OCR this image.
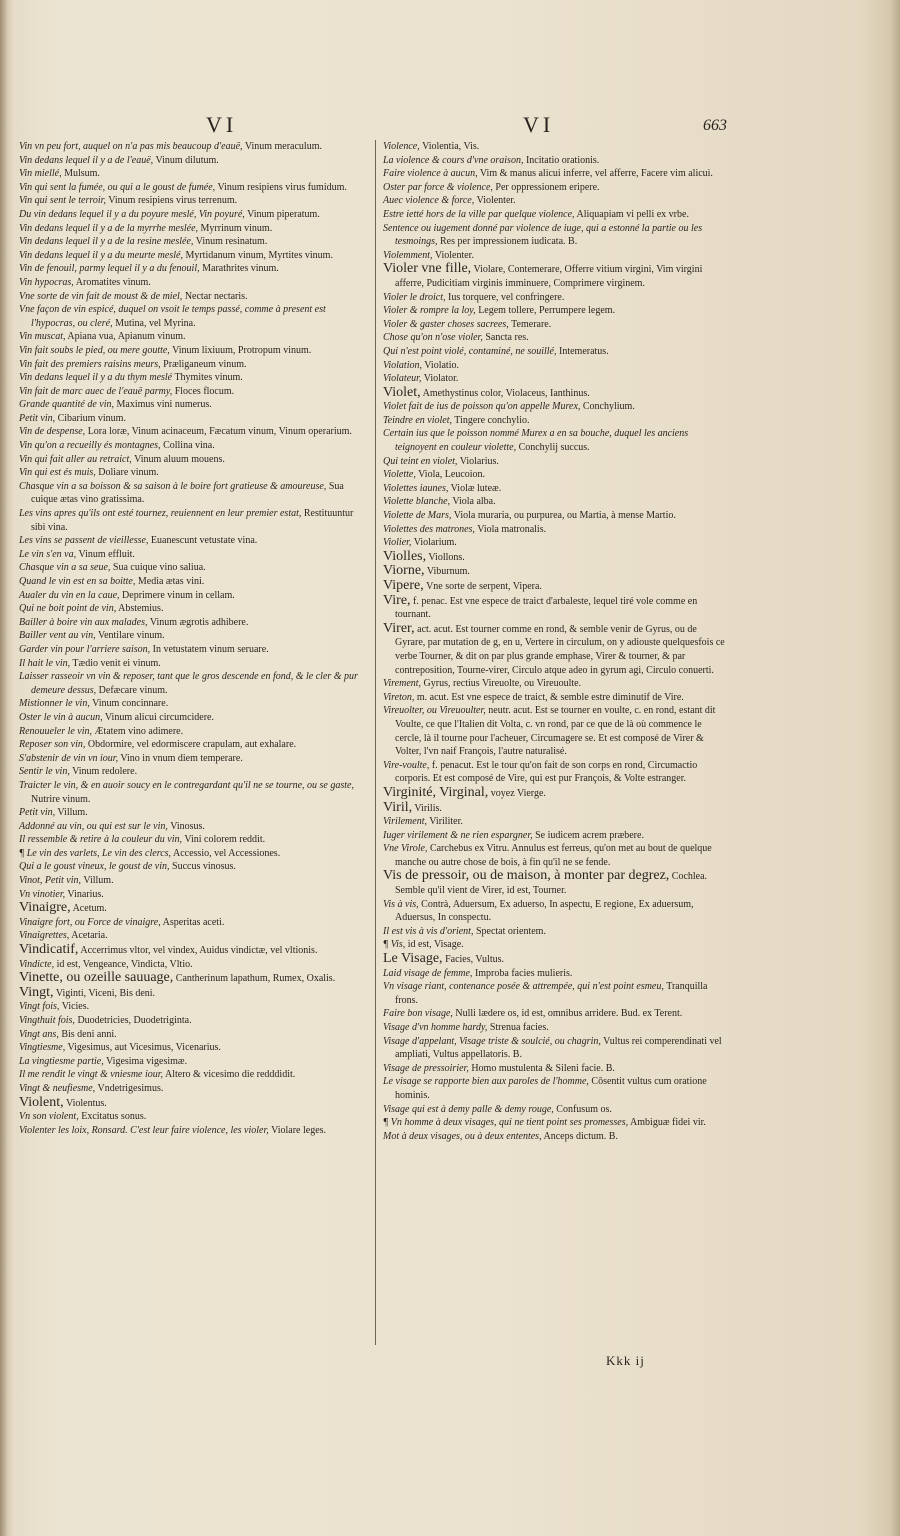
VI	VI	663

Vin vn peu fort, auquel on n'a pas mis beaucoup d'eauë, Vinum meraculum.

Vin dedans lequel il y a de l'eauë, Vinum dilutum.

Vin miellé, Mulsum.

Vin qui sent la fumée, ou qui a le goust de fumée, Vinum resipiens virus fumidum.

Vin qui sent le terroir, Vinum resipiens virus terrenum.

Du vin dedans lequel il y a du poyure meslé, Vin poyuré, Vinum piperatum.

Vin dedans lequel il y a de la myrrhe meslée, Myrrinum vinum.

Vin dedans lequel il y a de la resine meslée, Vinum resinatum.

Vin dedans lequel il y a du meurte meslé, Myrtidanum vinum, Myrtites vinum.

Vin de fenouil, parmy lequel il y a du fenouil, Marathrites vinum.

Vin hypocras, Aromatites vinum.

Vne sorte de vin fait de moust & de miel, Nectar nectaris.

Vne façon de vin espicé, duquel on vsoit le temps passé, comme à present est l'hypocras, ou cleré, Mutina, vel Myrina.

Vin muscat, Apiana vua, Apianum vinum.

Vin fait soubs le pied, ou mere goutte, Vinum lixiuum, Protropum vinum.

Vin fait des premiers raisins meurs, Præliganeum vinum.

Vin dedans lequel il y a du thym meslé Thymites vinum.

Vin fait de marc auec de l'eauë parmy, Floces flocum.

Grande quantité de vin, Maximus vini numerus.

Petit vin, Cibarium vinum.

Vin de despense, Lora loræ, Vinum acinaceum, Fæcatum vinum, Vinum operarium.

Vin qu'on a recueilly és montagnes, Collina vina.

Vin qui fait aller au retraict, Vinum aluum mouens.

Vin qui est és muis, Doliare vinum.

Chasque vin a sa boisson & sa saison à le boire fort gratieuse & amoureuse, Sua cuique ætas vino gratissima.

Les vins apres qu'ils ont esté tournez, reuiennent en leur premier estat, Restituuntur sibi vina.

Les vins se passent de vieillesse, Euanescunt vetustate vina.

Le vin s'en va, Vinum effluit.

Chasque vin a sa seue, Sua cuique vino saliua.

Quand le vin est en sa boitte, Media ætas vini.

Aualer du vin en la caue, Deprimere vinum in cellam.

Qui ne boit point de vin, Abstemius.

Bailler à boire vin aux malades, Vinum ægrotis adhibere.

Bailler vent au vin, Ventilare vinum.

Garder vin pour l'arriere saison, In vetustatem vinum seruare.

Il hait le vin, Tædio venit ei vinum.

Laisser rasseoir vn vin & reposer, tant que le gros descende en fond, & le cler & pur demeure dessus, Defæcare vinum.

Mistionner le vin, Vinum concinnare.

Oster le vin à aucun, Vinum alicui circumcidere.

Renouueler le vin, Ætatem vino adimere.

Reposer son vin, Obdormire, vel edormiscere crapulam, aut exhalare.

S'abstenir de vin vn iour, Vino in vnum diem temperare.

Sentir le vin, Vinum redolere.

Traicter le vin, & en auoir soucy en le contregardant qu'il ne se tourne, ou se gaste, Nutrire vinum.

Petit vin, Villum.

Addonné au vin, ou qui est sur le vin, Vinosus.

Il ressemble & retire à la couleur du vin, Vini colorem reddit.

¶ Le vin des varlets, Le vin des clercs, Accessio, vel Accessiones.

Qui a le goust vineux, le goust de vin, Succus vinosus.

Vinot, Petit vin, Villum.

Vn vinotier, Vinarius.

Vinaigre, Acetum.

Vinaigre fort, ou Force de vinaigre, Asperitas aceti.

Vinaigrettes, Acetaria.

Vindicatif, Accerrimus vltor, vel vindex, Auidus vindictæ, vel vltionis.

Vindicte, id est, Vengeance, Vindicta, Vltio.

Vinette, ou ozeille sauuage, Cantherinum lapathum, Rumex, Oxalis.

Vingt, Viginti, Viceni, Bis deni.

Vingt fois, Vicies.

Vingthuit fois, Duodetricies, Duodetriginta.

Vingt ans, Bis deni anni.

Vingtiesme, Vigesimus, aut Vicesimus, Vicenarius.

La vingtiesme partie, Vigesima vigesimæ.

Il me rendit le vingt & vniesme iour, Altero & vicesimo die redddidit.

Vingt & neufiesme, Vndetrigesimus.

Violent, Violentus.

Vn son violent, Excitatus sonus.

Violenter les loix, Ronsard. C'est leur faire violence, les violer, Violare leges.

Violence, Violentia, Vis.

La violence & cours d'vne oraison, Incitatio orationis.

Faire violence à aucun, Vim & manus alicui inferre, vel afferre, Facere vim alicui.

Oster par force & violence, Per oppressionem eripere.

Auec violence & force, Violenter.

Estre ietté hors de la ville par quelque violence, Aliquapiam vi pelli ex vrbe.

Sentence ou iugement donné par violence de iuge, qui a estonné la partie ou les tesmoings, Res per impressionem iudicata. B.

Violemment, Violenter.

Violer vne fille, Violare, Contemerare, Offerre vitium virgini, Vim virgini afferre, Pudicitiam virginis imminuere, Comprimere virginem.

Violer le droict, Ius torquere, vel confringere.

Violer & rompre la loy, Legem tollere, Perrumpere legem.

Violer & gaster choses sacrees, Temerare.

Chose qu'on n'ose violer, Sancta res.

Qui n'est point violé, contaminé, ne souillé, Intemeratus.

Violation, Violatio.

Violateur, Violator.

Violet, Amethystinus color, Violaceus, Ianthinus.

Violet fait de ius de poisson qu'on appelle Murex, Conchylium.

Teindre en violet, Tingere conchylio.

Certain ius que le poisson nommé Murex a en sa bouche, duquel les anciens teignoyent en couleur violette, Conchylij succus.

Qui teint en violet, Violarius.

Violette, Viola, Leucoion.

Violettes iaunes, Violæ luteæ.

Violette blanche, Viola alba.

Violette de Mars, Viola muraria, ou purpurea, ou Martia, à mense Martio.

Violettes des matrones, Viola matronalis.

Violier, Violarium.

Violles, Viollons.

Viorne, Viburnum.

Vipere, Vne sorte de serpent, Vipera.

Vire, f. penac. Est vne espece de traict d'arbaleste, lequel tiré vole comme en tournant.

Virer, act. acut. Est tourner comme en rond, & semble venir de Gyrus, ou de Gyrare, par mutation de g, en u, Vertere in circulum, on y adiouste quelquesfois ce verbe Tourner, & dit on par plus grande emphase, Virer & tourner, & par contreposition, Tourne-virer, Circulo atque adeo in gyrum agi, Circulo conuerti.

Virement, Gyrus, rectius Vireuolte, ou Vireuoulte.

Vireton, m. acut. Est vne espece de traict, & semble estre diminutif de Vire.

Vireuolter, ou Vireuoulter, neutr. acut. Est se tourner en voulte, c. en rond, estant dit Voulte, ce que l'Italien dit Volta, c. vn rond, par ce que de là où commence le cercle, là il tourne pour l'acheuer, Circumagere se. Et est composé de Virer & Volter, l'vn naif François, l'autre naturalisé.

Vire-voulte, f. penacut. Est le tour qu'on fait de son corps en rond, Circumactio corporis. Et est composé de Vire, qui est pur François, & Volte estranger.

Virginité, Virginal, voyez Vierge.

Viril, Virilis.

Virilement, Viriliter.

Iuger virilement & ne rien espargner, Se iudicem acrem præbere.

Vne Virole, Carchebus ex Vitru. Annulus est ferreus, qu'on met au bout de quelque manche ou autre chose de bois, à fin qu'il ne se fende.

Vis de pressoir, ou de maison, à monter par degrez, Cochlea. Semble qu'il vient de Virer, id est, Tourner.

Vis à vis, Contrà, Aduersum, Ex aduerso, In aspectu, E regione, Ex aduersum, Aduersus, In conspectu.

Il est vis à vis d'orient, Spectat orientem.

¶ Vis, id est, Visage.

Le Visage, Facies, Vultus.

Laid visage de femme, Improba facies mulieris.

Vn visage riant, contenance posée & attrempée, qui n'est point esmeu, Tranquilla frons.

Faire bon visage, Nulli lædere os, id est, omnibus arridere. Bud. ex Terent.

Visage d'vn homme hardy, Strenua facies.

Visage d'appelant, Visage triste & soulcié, ou chagrin, Vultus rei comperendinati vel ampliati, Vultus appellatoris. B.

Visage de pressoirier, Homo mustulenta & Sileni facie. B.

Le visage se rapporte bien aux paroles de l'homme, Cōsentit vultus cum oratione hominis.

Visage qui est à demy palle & demy rouge, Confusum os.

¶ Vn homme à deux visages, qui ne tient point ses promesses, Ambiguæ fidei vir.

Mot à deux visages, ou à deux ententes, Anceps dictum. B.

Kkk ij
